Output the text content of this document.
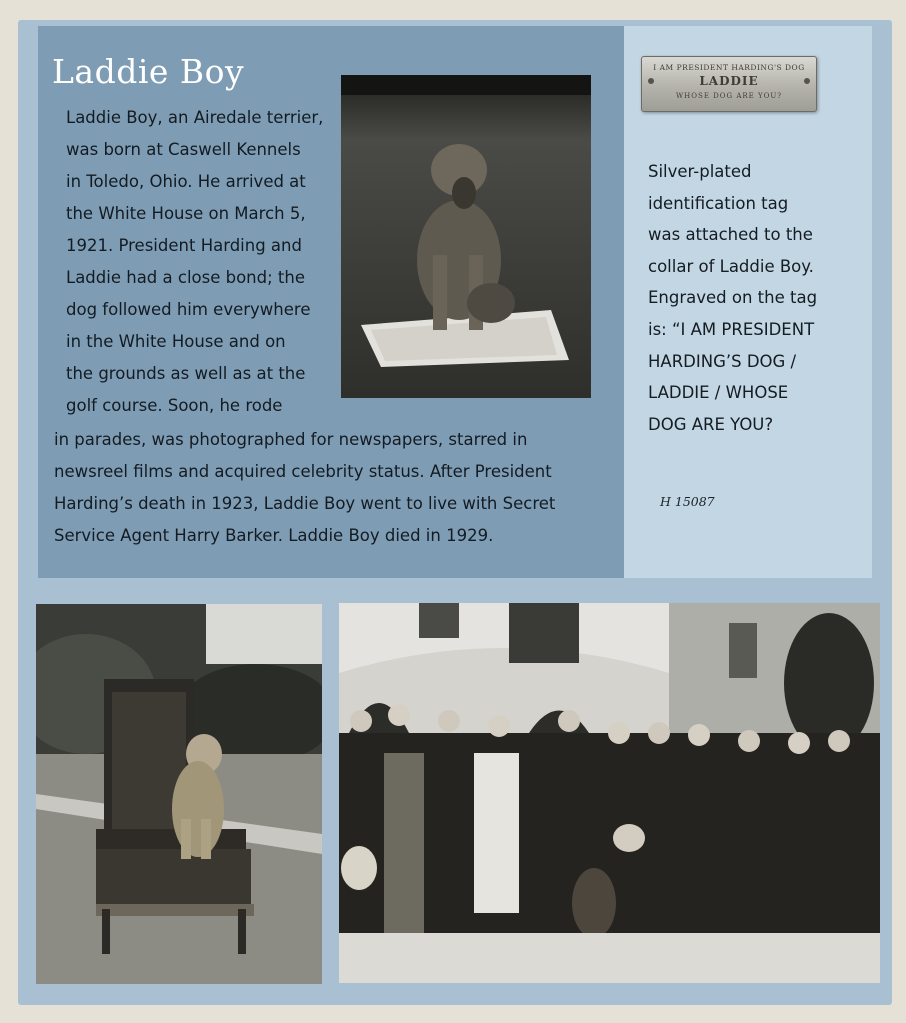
Laddie Boy
Laddie Boy, an Airedale terrier,
was born at Caswell Kennels
in Toledo, Ohio. He arrived at
the White House on March 5,
1921. President Harding and
Laddie had a close bond; the
dog followed him everywhere
in the White House and on
the grounds as well as at the
golf course. Soon, he rode
in parades, was photographed for newspapers, starred in
newsreel films and acquired celebrity status. After President
Harding’s death in 1923, Laddie Boy went to live with Secret
Service Agent Harry Barker. Laddie Boy died in 1929.
I AM PRESIDENT HARDING'S DOG
LADDIE
WHOSE DOG ARE YOU?
Silver-plated
identification tag
was attached to the
collar of Laddie Boy.
Engraved on the tag
is: “I AM PRESIDENT
HARDING’S DOG /
LADDIE / WHOSE
DOG ARE YOU?
H 15087
